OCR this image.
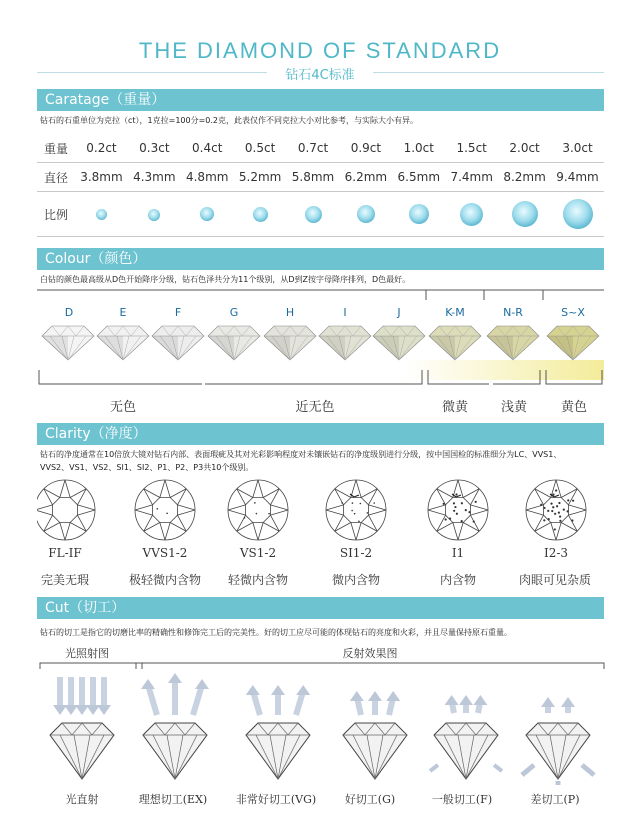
THE DIAMOND OF STANDARD
钻石4C标准
Caratage（重量）
钻石的石重单位为克拉（ct），1克拉=100分=0.2克，此表仅作不同克拉大小对比参考，与实际大小有异。
重量	0.2ct	0.3ct	0.4ct	0.5ct	0.7ct	0.9ct	1.0ct	1.5ct	2.0ct	3.0ct
直径	3.8mm	4.3mm	4.8mm	5.2mm	5.8mm	6.2mm	6.5mm	7.4mm	8.2mm	9.4mm
比例										
Colour（颜色）
白钻的颜色最高级从D色开始降序分级，钻石色泽共分为11个级别，从D到Z按字母降序排列，D色最好。
D	E	F	G	H	I	J	K-M	N-R	S~X
无色	近无色	微黄	浅黄	黄色
Clarity（净度）
钻石的净度通常在10倍放大镜对钻石内部、表面瑕疵及其对光彩影响程度对未镶嵌钻石的净度级别进行分级，按中国国检的标准细分为LC、VVS1、
VVS2、VS1、VS2、SI1、SI2、P1、P2、P3共10个级别。
FL-IF	VVS1-2	VS1-2	SI1-2	I1	I2-3
完美无瑕	极轻微内含物	轻微内含物	微内含物	内含物	肉眼可见杂质
Cut（切工）
钻石的切工是指它的切磨比率的精确性和修饰完工后的完美性。好的切工应尽可能的体现钻石的亮度和火彩，并且尽量保持原石重量。
光照射图	反射效果图
光直射	理想切工(EX)	非常好切工(VG)	好切工(G)	一般切工(F)	差切工(P)
